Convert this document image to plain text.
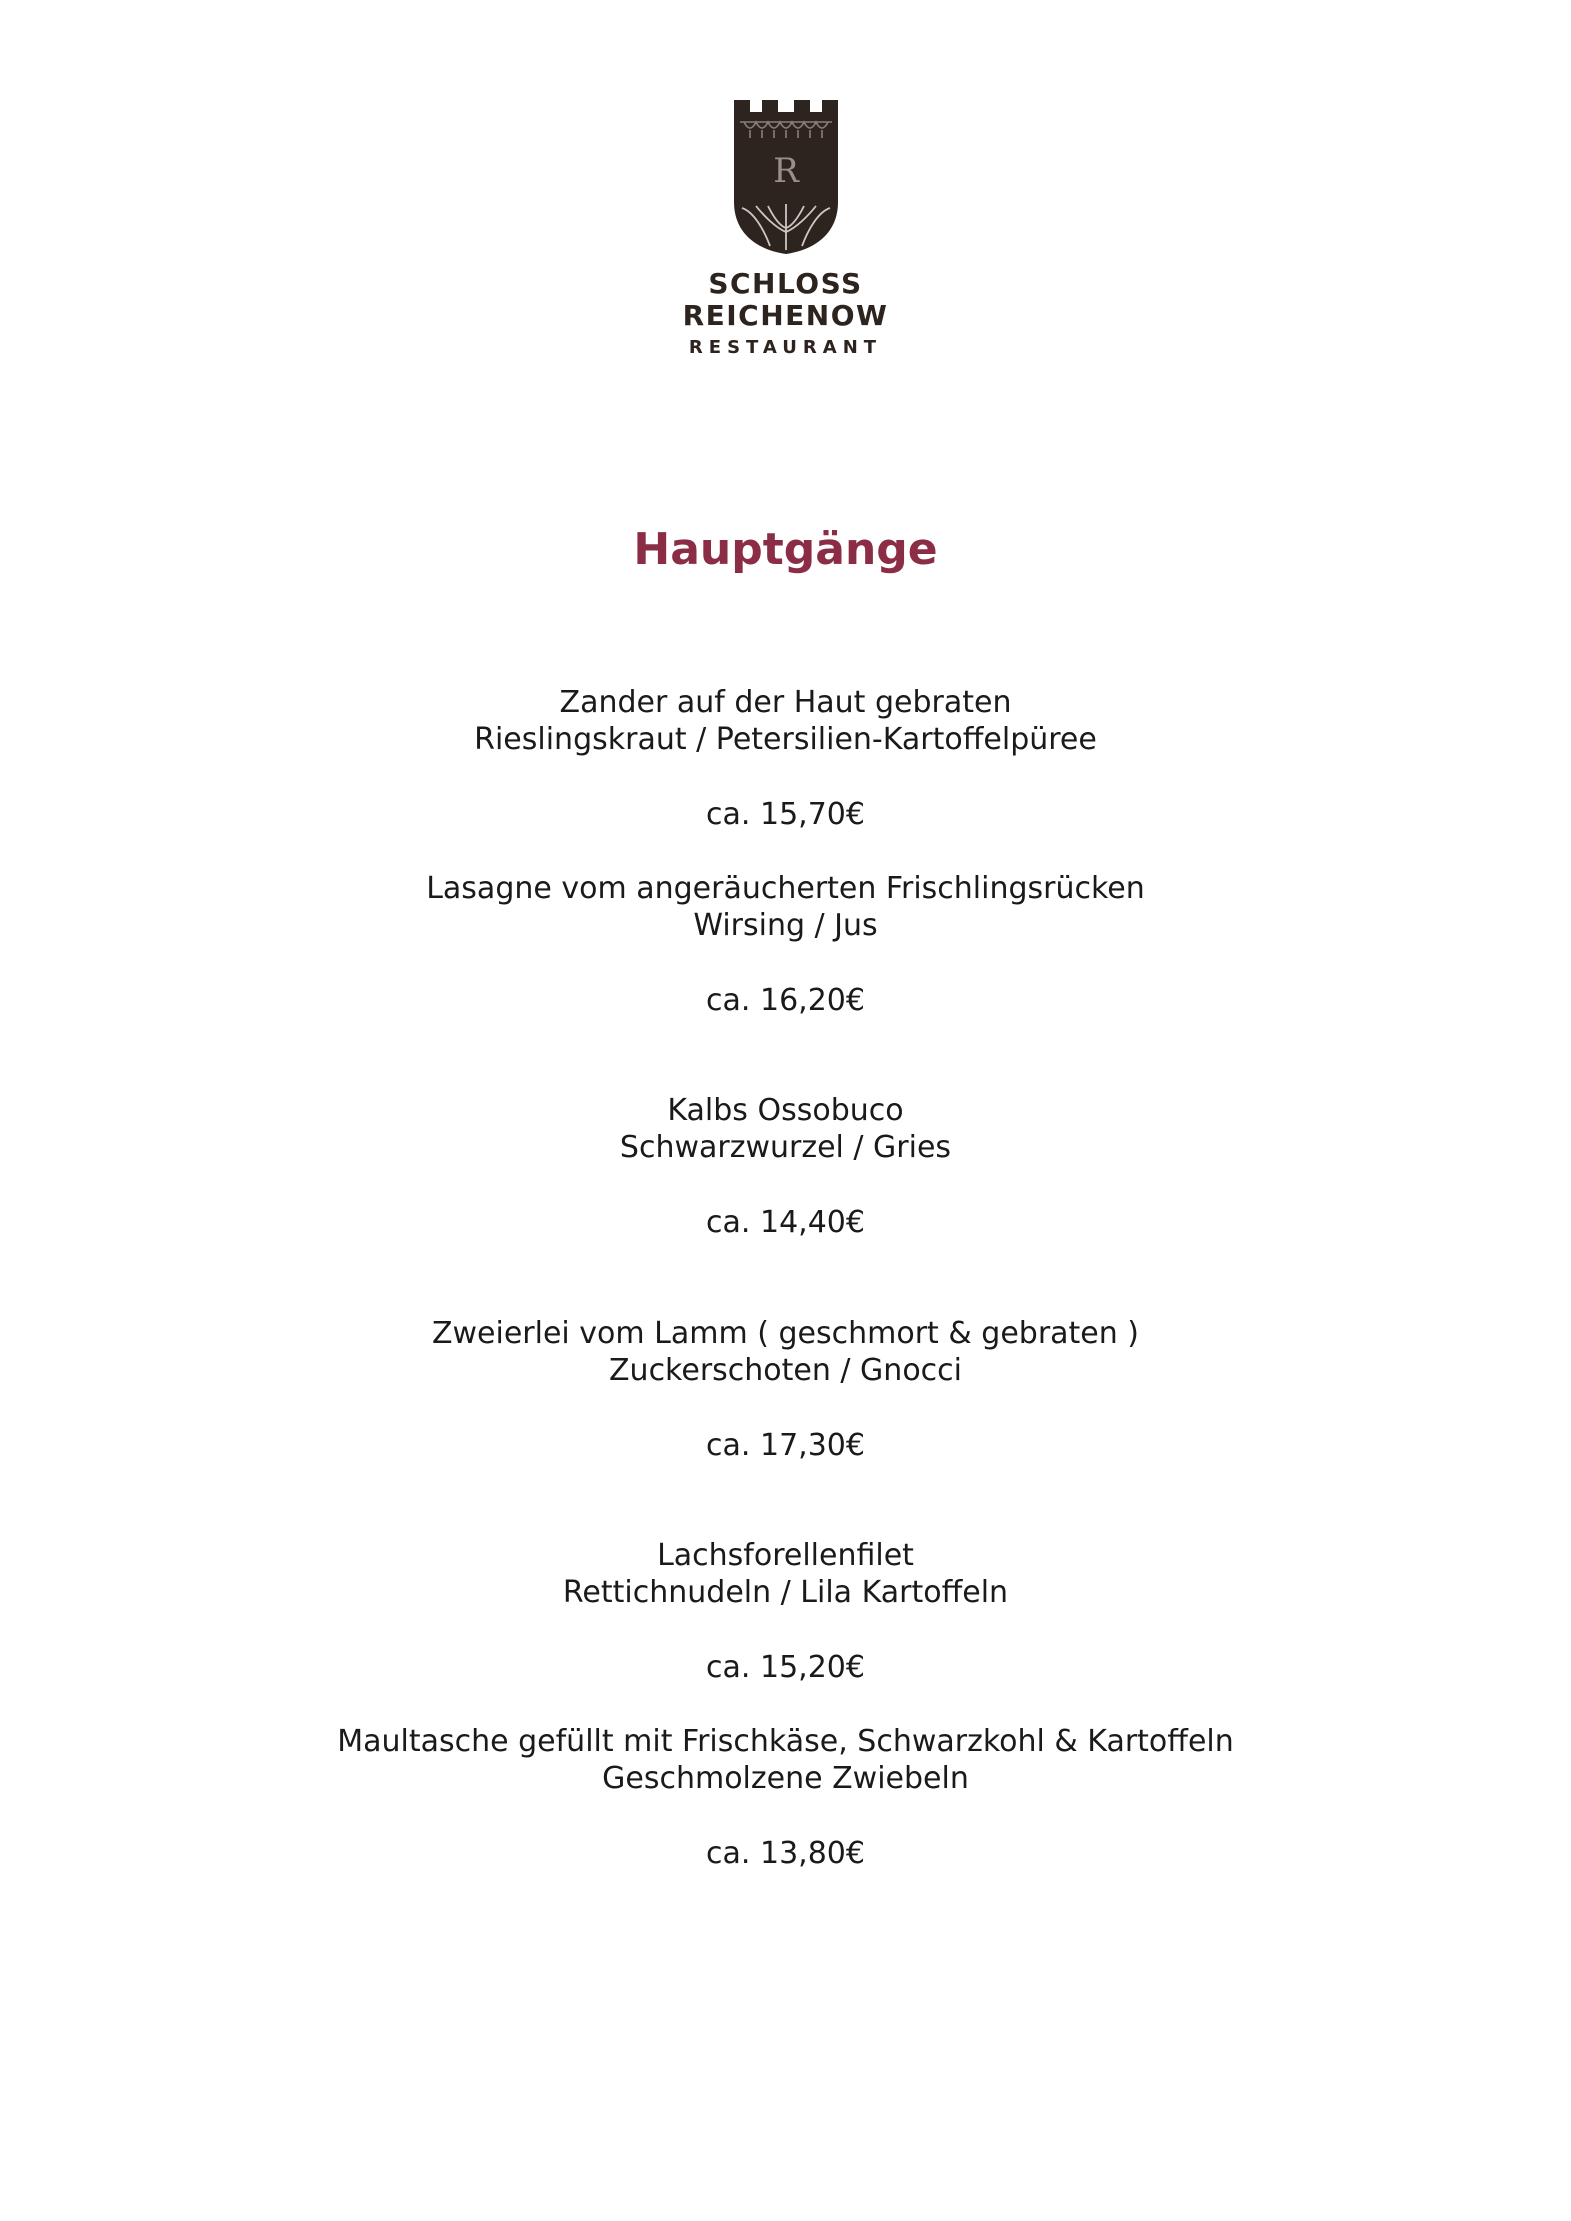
R
SCHLOSS
REICHENOW
RESTAURANT
Hauptgänge
Zander auf der Haut gebraten
Rieslingskraut / Petersilien-Kartoffelpüree
ca. 15,70€
Lasagne vom angeräucherten Frischlingsrücken
Wirsing / Jus
ca. 16,20€
Kalbs Ossobuco
Schwarzwurzel / Gries
ca. 14,40€
Zweierlei vom Lamm ( geschmort & gebraten )
Zuckerschoten / Gnocci
ca. 17,30€
Lachsforellenfilet
Rettichnudeln / Lila Kartoffeln
ca. 15,20€
Maultasche gefüllt mit Frischkäse, Schwarzkohl & Kartoffeln
Geschmolzene Zwiebeln
ca. 13,80€
